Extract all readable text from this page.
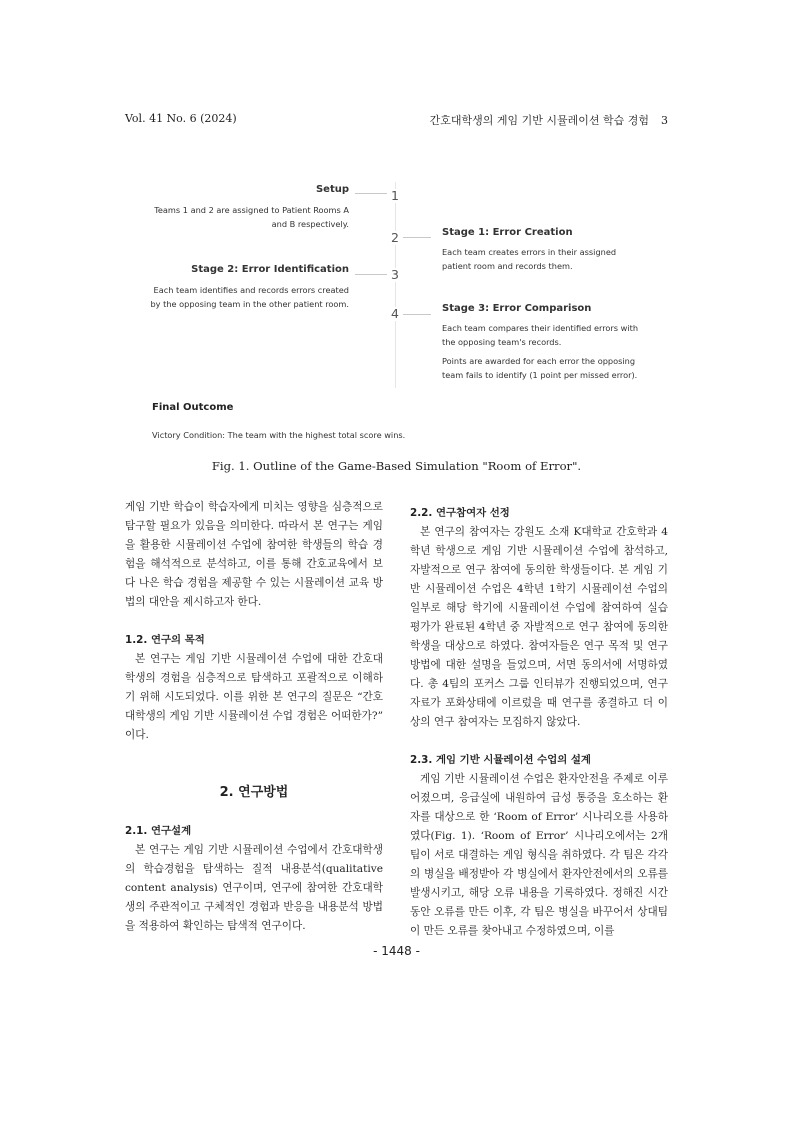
Vol. 41 No. 6 (2024)	간호대학생의 게임 기반 시뮬레이션 학습 경험 3
1
2
3
4
Setup
Teams 1 and 2 are assigned to Patient Rooms A
and B respectively.
Stage 1: Error Creation
Each team creates errors in their assigned
patient room and records them.
Stage 2: Error Identification
Each team identifies and records errors created
by the opposing team in the other patient room.	Stage 3: Error Comparison
Each team compares their identified errors with
the opposing team's records.
Points are awarded for each error the opposing
team fails to identify (1 point per missed error).
Final Outcome
Victory Condition: The team with the highest total score wins.
Fig. 1. Outline of the Game-Based Simulation "Room of Error".

게임 기반 학습이 학습자에게 미치는 영향을 심층적으로 탐구할 필요가 있음을 의미한다. 따라서 본 연구는 게임을 활용한 시뮬레이션 수업에 참여한 학생들의 학습 경험을 해석적으로 분석하고, 이를 통해 간호교육에서 보다 나은 학습 경험을 제공할 수 있는 시뮬레이션 교육 방법의 대안을 제시하고자 한다.

1.2. 연구의 목적

본 연구는 게임 기반 시뮬레이션 수업에 대한 간호대학생의 경험을 심층적으로 탐색하고 포괄적으로 이해하기 위해 시도되었다. 이를 위한 본 연구의 질문은 “간호대학생의 게임 기반 시뮬레이션 수업 경험은 어떠한가?” 이다.

2. 연구방법

2.1. 연구설계

본 연구는 게임 기반 시뮬레이션 수업에서 간호대학생의 학습경험을 탐색하는 질적 내용분석(qualitative content analysis) 연구이며, 연구에 참여한 간호대학생의 주관적이고 구체적인 경험과 반응을 내용분석 방법을 적용하여 확인하는 탐색적 연구이다.

2.2. 연구참여자 선정

본 연구의 참여자는 강원도 소재 K대학교 간호학과 4학년 학생으로 게임 기반 시뮬레이션 수업에 참석하고, 자발적으로 연구 참여에 동의한 학생들이다. 본 게임 기반 시뮬레이션 수업은 4학년 1학기 시뮬레이션 수업의 일부로 해당 학기에 시뮬레이션 수업에 참여하여 실습 평가가 완료된 4학년 중 자발적으로 연구 참여에 동의한 학생을 대상으로 하였다. 참여자들은 연구 목적 및 연구 방법에 대한 설명을 들었으며, 서면 동의서에 서명하였다. 총 4팀의 포커스 그룹 인터뷰가 진행되었으며, 연구 자료가 포화상태에 이르렀을 때 연구를 종결하고 더 이상의 연구 참여자는 모집하지 않았다.

2.3. 게임 기반 시뮬레이션 수업의 설계

게임 기반 시뮬레이션 수업은 환자안전을 주제로 이루어졌으며, 응급실에 내원하여 급성 통증을 호소하는 환자를 대상으로 한 ‘Room of Error’ 시나리오를 사용하였다(Fig. 1). ‘Room of Error’ 시나리오에서는 2개 팀이 서로 대결하는 게임 형식을 취하였다. 각 팀은 각각의 병실을 배정받아 각 병실에서 환자안전에서의 오류를 발생시키고, 해당 오류 내용을 기록하였다. 정해진 시간 동안 오류를 만든 이후, 각 팀은 병실을 바꾸어서 상대팀이 만든 오류를 찾아내고 수정하였으며, 이를

- 1448 -
